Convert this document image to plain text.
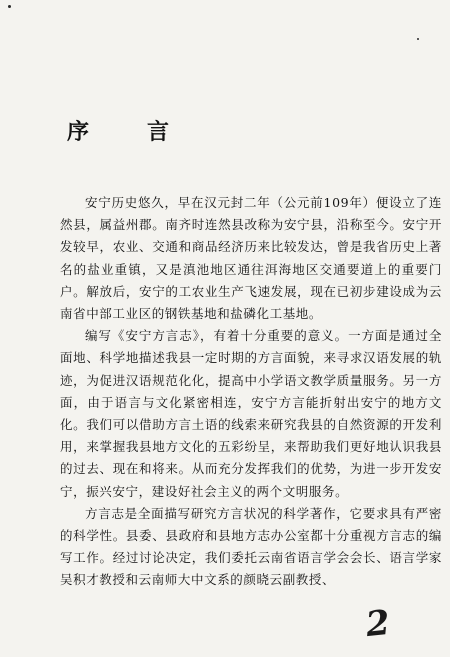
序　言

安宁历史悠久，早在汉元封二年（公元前109年）便设立了连然县，属益州郡。南齐时连然县改称为安宁县，沿称至今。安宁开发较早，农业、交通和商品经济历来比较发达，曾是我省历史上著名的盐业重镇，又是滇池地区通往洱海地区交通要道上的重要门户。解放后，安宁的工农业生产飞速发展，现在已初步建设成为云南省中部工业区的钢铁基地和盐磷化工基地。

编写《安宁方言志》，有着十分重要的意义。一方面是通过全面地、科学地描述我县一定时期的方言面貌，来寻求汉语发展的轨迹，为促进汉语规范化化，提高中小学语文教学质量服务。另一方面，由于语言与文化紧密相连，安宁方言能折射出安宁的地方文化。我们可以借助方言土语的线索来研究我县的自然资源的开发利用，来掌握我县地方文化的五彩纷呈，来帮助我们更好地认识我县的过去、现在和将来。从而充分发挥我们的优势，为进一步开发安宁，振兴安宁，建设好社会主义的两个文明服务。

方言志是全面描写研究方言状况的科学著作，它要求具有严密的科学性。县委、县政府和县地方志办公室都十分重视方言志的编写工作。经过讨论决定，我们委托云南省语言学会会长、语言学家吴积才教授和云南师大中文系的颜晓云副教授、

2
